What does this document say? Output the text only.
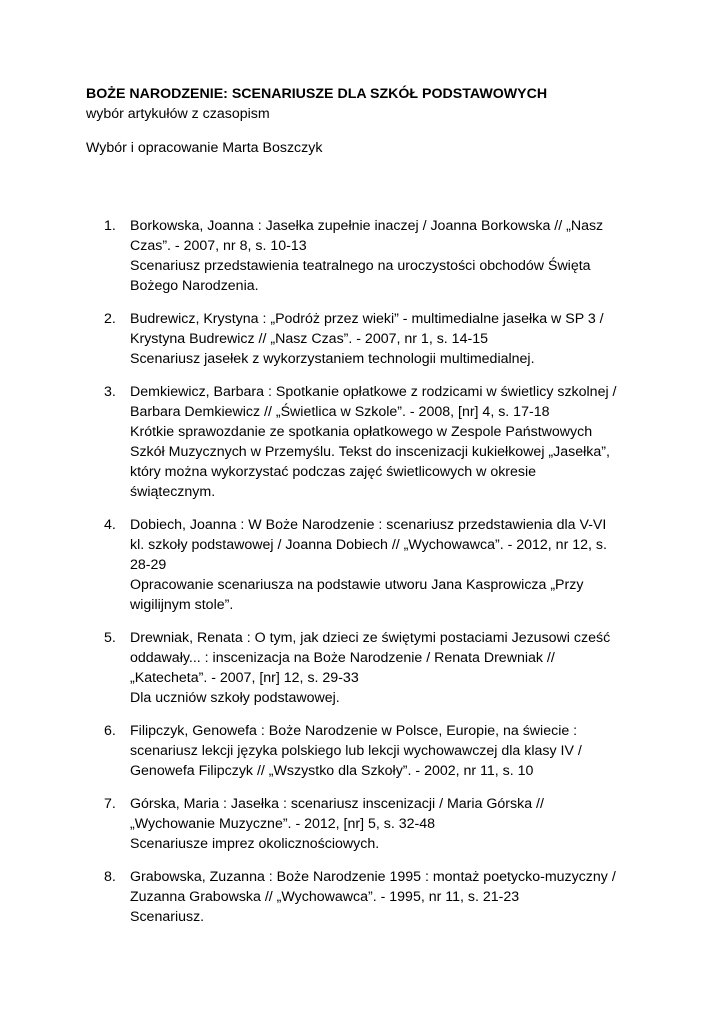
BOŻE NARODZENIE: SCENARIUSZE DLA SZKÓŁ PODSTAWOWYCH

wybór artykułów z czasopism

Wybór i opracowanie Marta Boszczyk

1. Borkowska, Joanna : Jasełka zupełnie inaczej / Joanna Borkowska // „Nasz
Czas”. - 2007, nr 8, s. 10-13
Scenariusz przedstawienia teatralnego na uroczystości obchodów Święta
Bożego Narodzenia.
2. Budrewicz, Krystyna : „Podróż przez wieki” - multimedialne jasełka w SP 3 /
Krystyna Budrewicz // „Nasz Czas”. - 2007, nr 1, s. 14-15
Scenariusz jasełek z wykorzystaniem technologii multimedialnej.
3. Demkiewicz, Barbara : Spotkanie opłatkowe z rodzicami w świetlicy szkolnej /
Barbara Demkiewicz // „Świetlica w Szkole”. - 2008, [nr] 4, s. 17-18
Krótkie sprawozdanie ze spotkania opłatkowego w Zespole Państwowych
Szkół Muzycznych w Przemyślu. Tekst do inscenizacji kukiełkowej „Jasełka”,
który można wykorzystać podczas zajęć świetlicowych w okresie
świątecznym.
4. Dobiech, Joanna : W Boże Narodzenie : scenariusz przedstawienia dla V-VI
kl. szkoły podstawowej / Joanna Dobiech // „Wychowawca”. - 2012, nr 12, s.
28-29
Opracowanie scenariusza na podstawie utworu Jana Kasprowicza „Przy
wigilijnym stole”.
5. Drewniak, Renata : O tym, jak dzieci ze świętymi postaciami Jezusowi cześć
oddawały... : inscenizacja na Boże Narodzenie / Renata Drewniak //
„Katecheta”. - 2007, [nr] 12, s. 29-33
Dla uczniów szkoły podstawowej.
6. Filipczyk, Genowefa : Boże Narodzenie w Polsce, Europie, na świecie :
scenariusz lekcji języka polskiego lub lekcji wychowawczej dla klasy IV /
Genowefa Filipczyk // „Wszystko dla Szkoły”. - 2002, nr 11, s. 10
7. Górska, Maria : Jasełka : scenariusz inscenizacji / Maria Górska //
„Wychowanie Muzyczne”. - 2012, [nr] 5, s. 32-48
Scenariusze imprez okolicznościowych.
8. Grabowska, Zuzanna : Boże Narodzenie 1995 : montaż poetycko-muzyczny /
Zuzanna Grabowska // „Wychowawca”. - 1995, nr 11, s. 21-23
Scenariusz.
